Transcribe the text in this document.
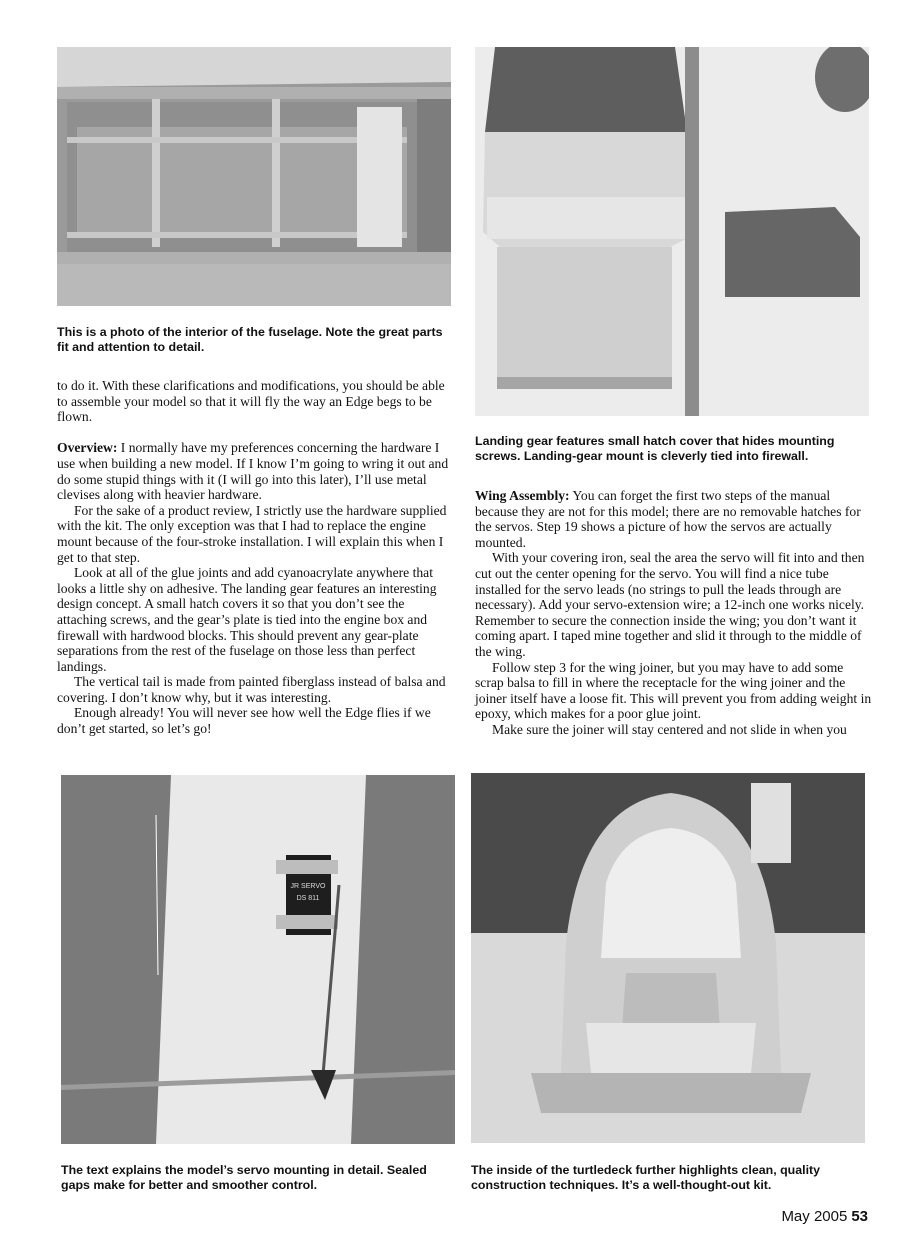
This is a photo of the interior of the fuselage. Note the great parts fit and attention to detail.

Landing gear features small hatch cover that hides mounting screws. Landing-gear mount is cleverly tied into firewall.

to do it. With these clarifications and modifications, you should be able to assemble your model so that it will fly the way an Edge begs to be flown.

Overview: I normally have my preferences concerning the hardware I use when building a new model. If I know I’m going to wring it out and do some stupid things with it (I will go into this later), I’ll use metal clevises along with heavier hardware.

For the sake of a product review, I strictly use the hardware supplied with the kit. The only exception was that I had to replace the engine mount because of the four-stroke installation. I will explain this when I get to that step.

Look at all of the glue joints and add cyanoacrylate anywhere that looks a little shy on adhesive. The landing gear features an interesting design concept. A small hatch covers it so that you don’t see the attaching screws, and the gear’s plate is tied into the engine box and firewall with hardwood blocks. This should prevent any gear-plate separations from the rest of the fuselage on those less than perfect landings.

The vertical tail is made from painted fiberglass instead of balsa and covering. I don’t know why, but it was interesting.

Enough already! You will never see how well the Edge flies if we don’t get started, so let’s go!

Wing Assembly: You can forget the first two steps of the manual because they are not for this model; there are no removable hatches for the servos. Step 19 shows a picture of how the servos are actually mounted.

With your covering iron, seal the area the servo will fit into and then cut out the center opening for the servo. You will find a nice tube installed for the servo leads (no strings to pull the leads through are necessary). Add your servo-extension wire; a 12-inch one works nicely. Remember to secure the connection inside the wing; you don’t want it coming apart. I taped mine together and slid it through to the middle of the wing.

Follow step 3 for the wing joiner, but you may have to add some scrap balsa to fill in where the receptacle for the wing joiner and the joiner itself have a loose fit. This will prevent you from adding weight in epoxy, which makes for a poor glue joint.

Make sure the joiner will stay centered and not slide in when you

JR SERVO
DS 811

The text explains the model’s servo mounting in detail. Sealed gaps make for better and smoother control.

The inside of the turtledeck further highlights clean, quality construction techniques. It’s a well-thought-out kit.

May 2005 53
